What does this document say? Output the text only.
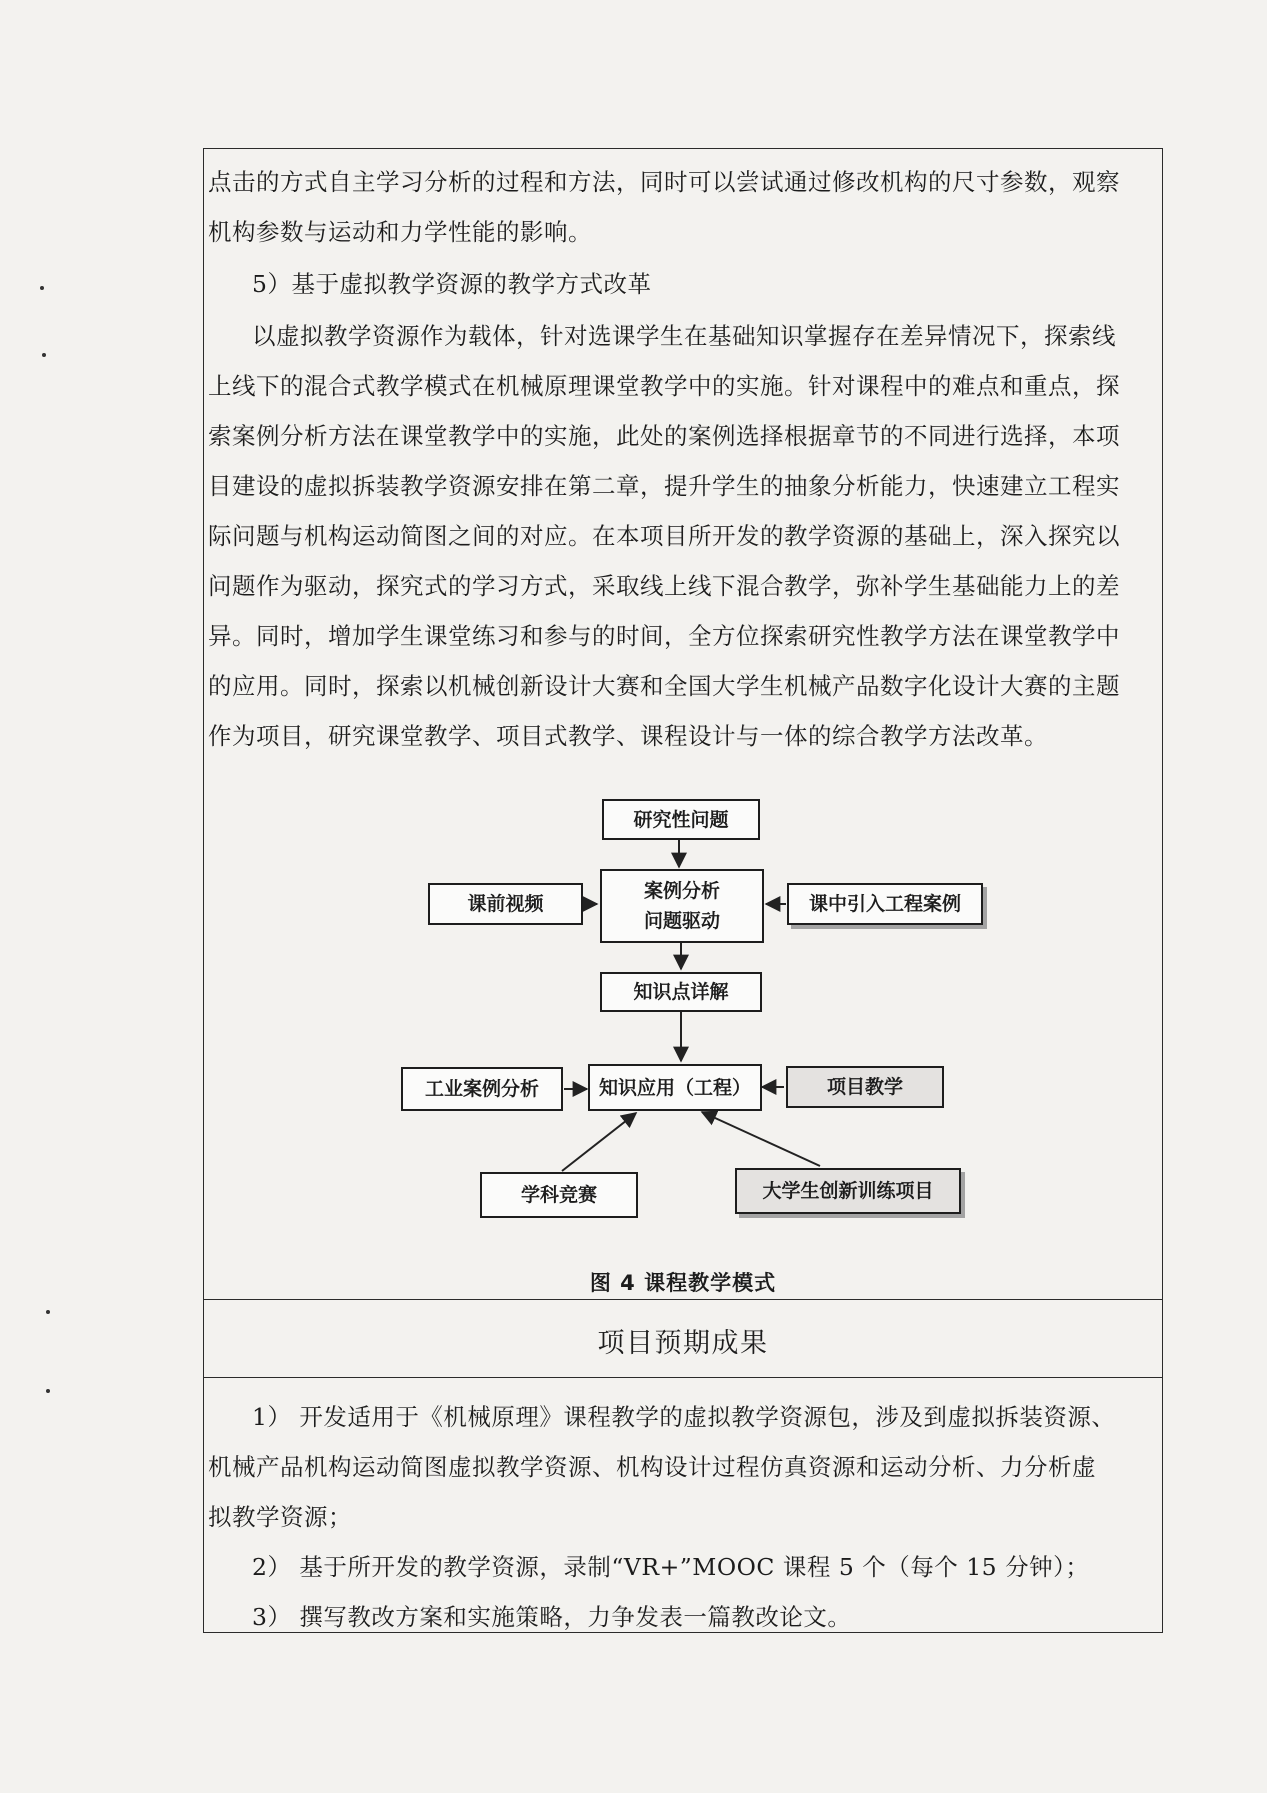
点击的方式自主学习分析的过程和方法，同时可以尝试通过修改机构的尺寸参数，观察

机构参数与运动和力学性能的影响。

5）基于虚拟教学资源的教学方式改革

以虚拟教学资源作为载体，针对选课学生在基础知识掌握存在差异情况下，探索线

上线下的混合式教学模式在机械原理课堂教学中的实施。针对课程中的难点和重点，探

索案例分析方法在课堂教学中的实施，此处的案例选择根据章节的不同进行选择，本项

目建设的虚拟拆装教学资源安排在第二章，提升学生的抽象分析能力，快速建立工程实

际问题与机构运动简图之间的对应。在本项目所开发的教学资源的基础上，深入探究以

问题作为驱动，探究式的学习方式，采取线上线下混合教学，弥补学生基础能力上的差

异。同时，增加学生课堂练习和参与的时间，全方位探索研究性教学方法在课堂教学中

的应用。同时，探索以机械创新设计大赛和全国大学生机械产品数字化设计大赛的主题

作为项目，研究课堂教学、项目式教学、课程设计与一体的综合教学方法改革。

研究性问题
案例分析
问题驱动
课前视频	课中引入工程案例
知识点详解
知识应用（工程）
工业案例分析	项目教学
学科竞赛	大学生创新训练项目
图 4 课程教学模式
项目预期成果

1） 开发适用于《机械原理》课程教学的虚拟教学资源包，涉及到虚拟拆装资源、

机械产品机构运动简图虚拟教学资源、机构设计过程仿真资源和运动分析、力分析虚

拟教学资源；

2） 基于所开发的教学资源，录制“VR+”MOOC 课程 5 个（每个 15 分钟）；

3） 撰写教改方案和实施策略，力争发表一篇教改论文。
